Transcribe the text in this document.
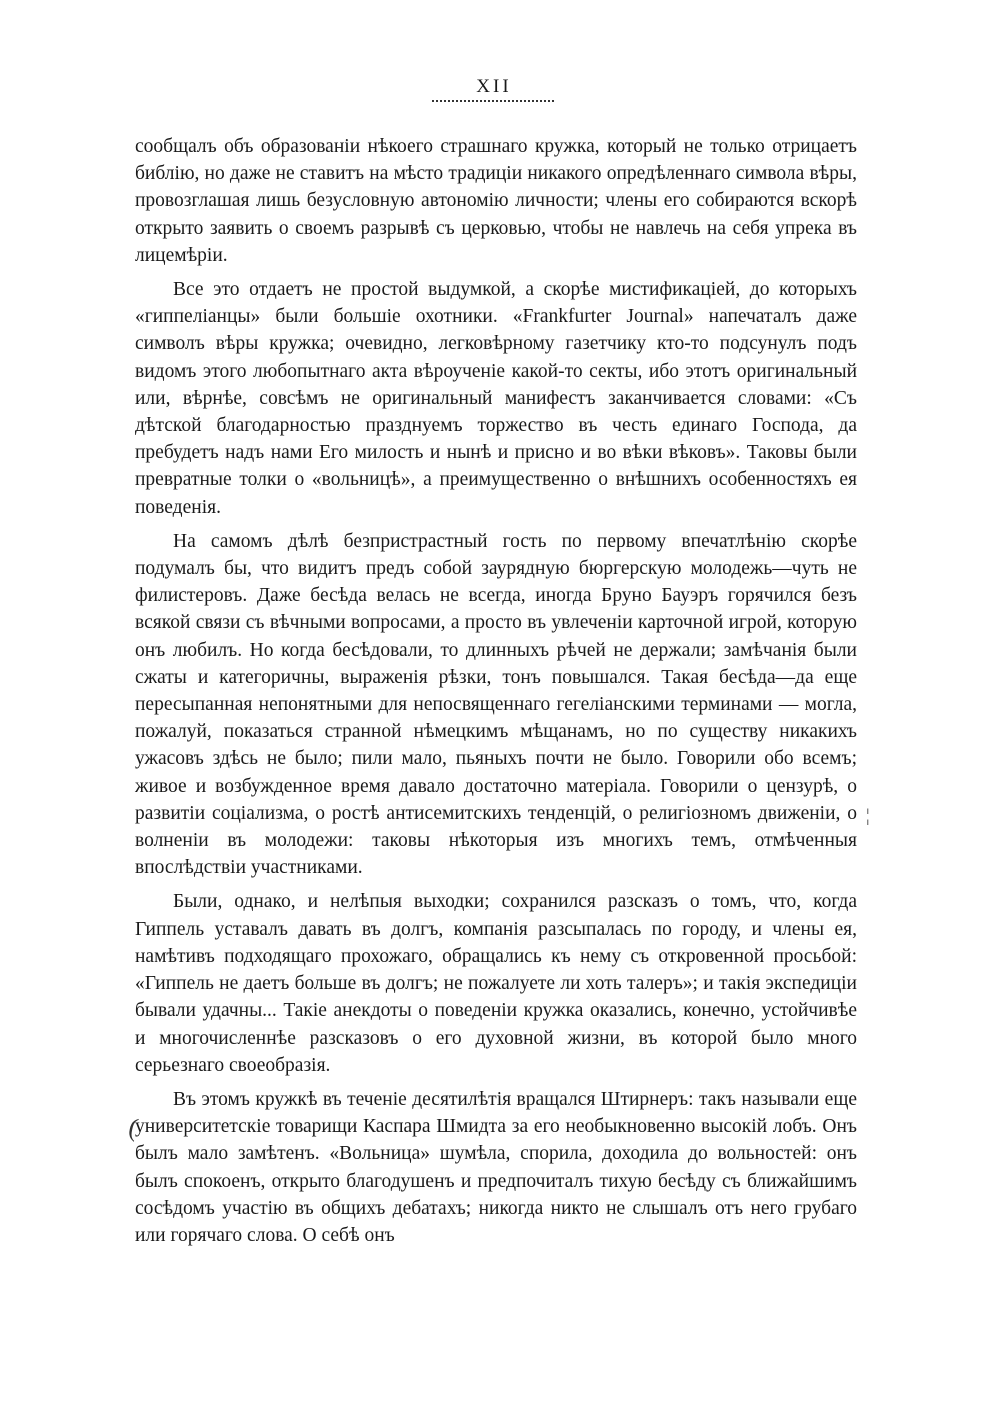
XII

сообщалъ объ образованіи нѣкоего страшнаго кружка, который не только отрицаетъ библію, но даже не ставитъ на мѣсто традиціи никакого опредѣленнаго символа вѣры, провозглашая лишь безусловную автономію личности; члены его собираются вскорѣ открыто заявить о своемъ разрывѣ съ церковью, чтобы не навлечь на себя упрека въ лицемѣріи.

Все это отдаетъ не простой выдумкой, а скорѣе мистификаціей, до которыхъ «гиппеліанцы» были большіе охотники. «Frankfurter Journal» напечаталъ даже символъ вѣры кружка; очевидно, легковѣрному газетчику кто-то подсунулъ подъ видомъ этого любопытнаго акта вѣроученіе какой-то секты, ибо этотъ оригинальный или, вѣрнѣе, совсѣмъ не оригинальный манифестъ заканчивается словами: «Съ дѣтской благодарностью празднуемъ торжество въ честь единаго Господа, да пребудетъ надъ нами Его милость и нынѣ и присно и во вѣки вѣковъ». Таковы были превратные толки о «вольницѣ», а преимущественно о внѣшнихъ особенностяхъ ея поведенія.

На самомъ дѣлѣ безпристрастный гость по первому впечатлѣнію скорѣе подумалъ бы, что видитъ предъ собой заурядную бюргерскую молодежь—чуть не филистеровъ. Даже бесѣда велась не всегда, иногда Бруно Бауэръ горячился безъ всякой связи съ вѣчными вопросами, а просто въ увлеченіи карточной игрой, которую онъ любилъ. Но когда бесѣдовали, то длинныхъ рѣчей не держали; замѣчанія были сжаты и категоричны, выраженія рѣзки, тонъ повышался. Такая бесѣда—да еще пересыпанная непонятными для непосвященнаго гегеліанскими терминами — могла, пожалуй, показаться странной нѣмецкимъ мѣщанамъ, но по существу никакихъ ужасовъ здѣсь не было; пили мало, пьяныхъ почти не было. Говорили обо всемъ; живое и возбужденное время давало достаточно матеріала. Говорили о цензурѣ, о развитіи соціализма, о ростѣ антисемитскихъ тенденцій, о религіозномъ движеніи, о волненіи въ молодежи: таковы нѣкоторыя изъ многихъ темъ, отмѣченныя впослѣдствіи участниками.

Были, однако, и нелѣпыя выходки; сохранился разсказъ о томъ, что, когда Гиппель уставалъ давать въ долгъ, компанія разсыпалась по городу, и члены ея, намѣтивъ подходящаго прохожаго, обращались къ нему съ откровенной просьбой: «Гиппель не даетъ больше въ долгъ; не пожалуете ли хоть талеръ»; и такія экспедиціи бывали удачны... Такіе анекдоты о поведеніи кружка оказались, конечно, устойчивѣе и многочисленнѣе разсказовъ о его духовной жизни, въ которой было много серьезнаго своеобразія.

Въ этомъ кружкѣ въ теченіе десятилѣтія вращался Штирнеръ: такъ называли еще университетскіе товарищи Каспара Шмидта за его необыкновенно высокій лобъ. Онъ былъ мало замѣтенъ. «Вольница» шумѣла, спорила, доходила до вольностей: онъ былъ спокоенъ, открыто благодушенъ и предпочиталъ тихую бесѣду съ ближайшимъ сосѣдомъ участію въ общихъ дебатахъ; никогда никто не слышалъ отъ него грубаго или горячаго слова. О себѣ онъ

(
¦
